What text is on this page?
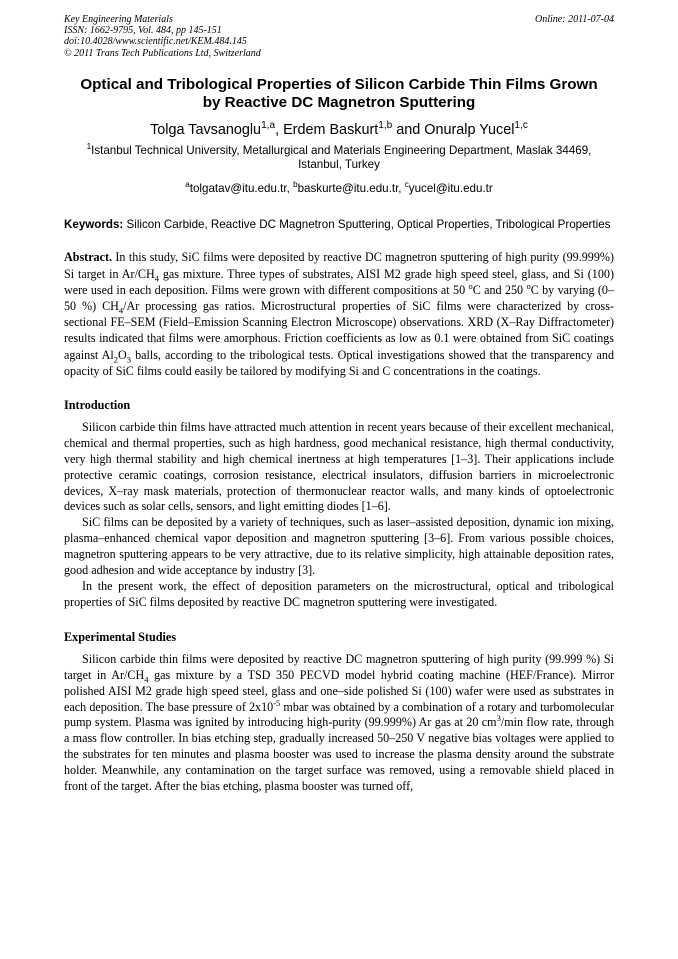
Key Engineering Materials
ISSN: 1662-9795, Vol. 484, pp 145-151
doi:10.4028/www.scientific.net/KEM.484.145
© 2011 Trans Tech Publications Ltd, Switzerland
Online: 2011-07-04
Optical and Tribological Properties of Silicon Carbide Thin Films Grown
by Reactive DC Magnetron Sputtering
Tolga Tavsanoglu$^{1,a}$, Erdem Baskurt$^{1,b}$ and Onuralp Yucel$^{1,c}$
$^1$Istanbul Technical University, Metallurgical and Materials Engineering Department, Maslak 34469, Istanbul, Turkey
$^a$tolgatav@itu.edu.tr, $^b$baskurte@itu.edu.tr, $^c$yucel@itu.edu.tr
Keywords: Silicon Carbide, Reactive DC Magnetron Sputtering, Optical Properties, Tribological Properties
Abstract. In this study, SiC films were deposited by reactive DC magnetron sputtering of high purity (99.999%) Si target in $Ar/CH_4$ gas mixture. Three types of substrates, AISI M2 grade high speed steel, glass, and Si (100) were used in each deposition. Films were grown with different compositions at 50 $^o$C and 250 $^o$C by varying (0–50 %) $CH_4/Ar$ processing gas ratios. Microstructural properties of SiC films were characterized by cross-sectional FE–SEM (Field–Emission Scanning Electron Microscope) observations. XRD (X–Ray Diffractometer) results indicated that films were amorphous. Friction coefficients as low as 0.1 were obtained from SiC coatings against $Al_2O_3$ balls, according to the tribological tests. Optical investigations showed that the transparency and opacity of SiC films could easily be tailored by modifying Si and C concentrations in the coatings.
Introduction

Silicon carbide thin films have attracted much attention in recent years because of their excellent mechanical, chemical and thermal properties, such as high hardness, good mechanical resistance, high thermal conductivity, very high thermal stability and high chemical inertness at high temperatures [1–3]. Their applications include protective ceramic coatings, corrosion resistance, electrical insulators, diffusion barriers in microelectronic devices, X–ray mask materials, protection of thermonuclear reactor walls, and many kinds of optoelectronic devices such as solar cells, sensors, and light emitting diodes [1–6].

SiC films can be deposited by a variety of techniques, such as laser–assisted deposition, dynamic ion mixing, plasma–enhanced chemical vapor deposition and magnetron sputtering [3–6]. From various possible choices, magnetron sputtering appears to be very attractive, due to its relative simplicity, high attainable deposition rates, good adhesion and wide acceptance by industry [3].

In the present work, the effect of deposition parameters on the microstructural, optical and tribological properties of SiC films deposited by reactive DC magnetron sputtering were investigated.

Experimental Studies

Silicon carbide thin films were deposited by reactive DC magnetron sputtering of high purity (99.999 %) Si target in $Ar/CH_4$ gas mixture by a TSD 350 PECVD model hybrid coating machine (HEF/France). Mirror polished AISI M2 grade high speed steel, glass and one–side polished Si (100) wafer were used as substrates in each deposition. The base pressure of $2x10^{-5}$ mbar was obtained by a combination of a rotary and turbomolecular pump system. Plasma was ignited by introducing high-purity (99.999%) Ar gas at 20 $cm^3/\min$ flow rate, through a mass flow controller. In bias etching step, gradually increased 50–250 V negative bias voltages were applied to the substrates for ten minutes and plasma booster was used to increase the plasma density around the substrate holder. Meanwhile, any contamination on the target surface was removed, using a removable shield placed in front of the target. After the bias etching, plasma booster was turned off,
